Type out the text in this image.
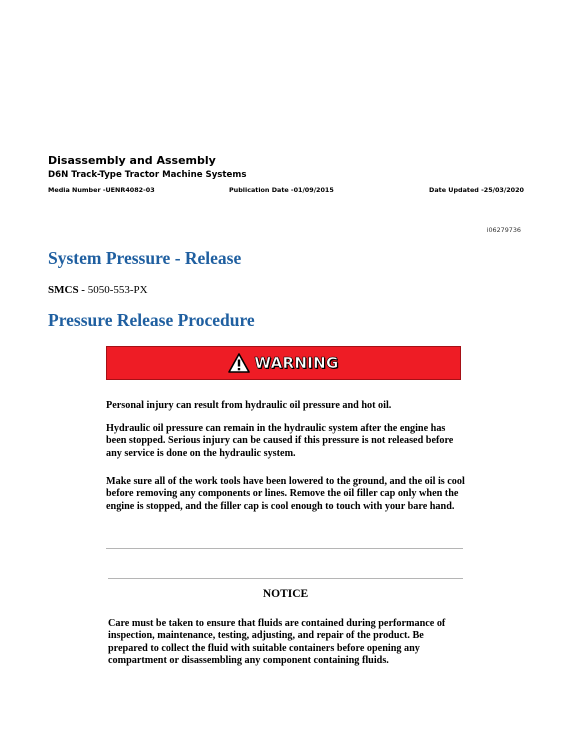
Disassembly and Assembly
D6N Track-Type Tractor Machine Systems
Media Number -UENR4082-03	Publication Date -01/09/2015	Date Updated -25/03/2020
i06279736
System Pressure - Release
SMCS - 5050-553-PX
Pressure Release Procedure
WARNING

Personal injury can result from hydraulic oil pressure and hot oil.

Hydraulic oil pressure can remain in the hydraulic system after the engine has been stopped. Serious injury can be caused if this pressure is not released before any service is done on the hydraulic system.

Make sure all of the work tools have been lowered to the ground, and the oil is cool before removing any components or lines. Remove the oil filler cap only when the engine is stopped, and the filler cap is cool enough to touch with your bare hand.

NOTICE

Care must be taken to ensure that fluids are contained during performance of inspection, maintenance, testing, adjusting, and repair of the product. Be prepared to collect the fluid with suitable containers before opening any compartment or disassembling any component containing fluids.
